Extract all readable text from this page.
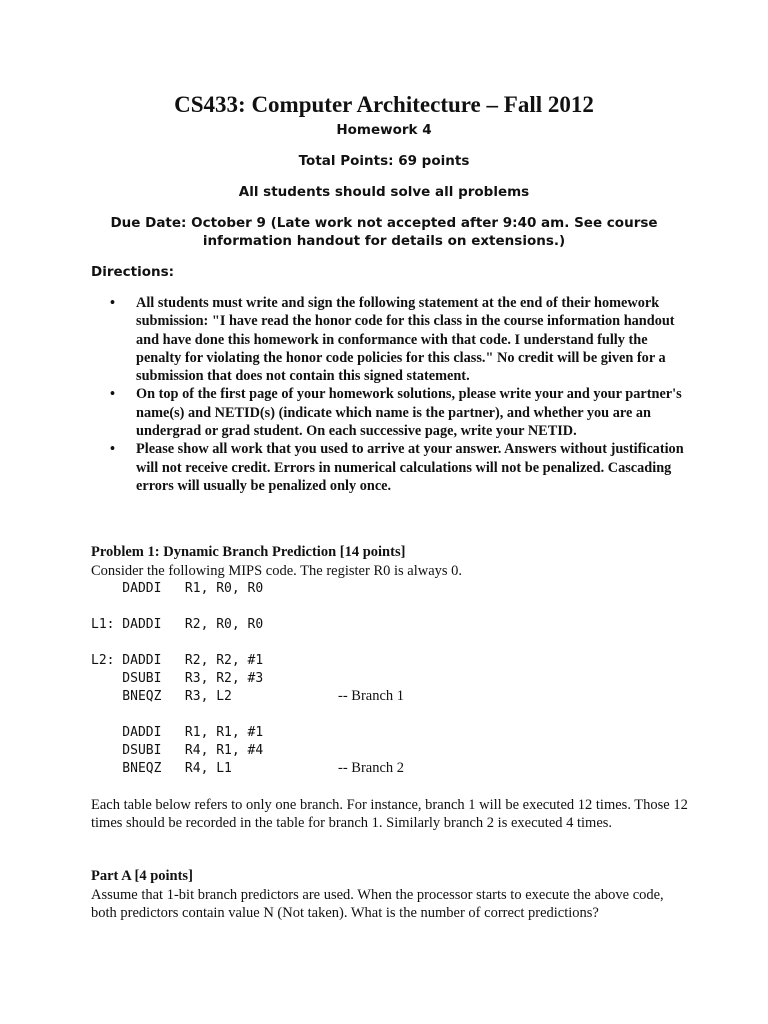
CS433: Computer Architecture – Fall 2012
Homework 4
Total Points: 69 points
All students should solve all problems
Due Date: October 9 (Late work not accepted after 9:40 am. See course information handout for details on extensions.)
Directions:
• All students must write and sign the following statement at the end of their homework submission: "I have read the honor code for this class in the course information handout and have done this homework in conformance with that code. I understand fully the penalty for violating the honor code policies for this class." No credit will be given for a submission that does not contain this signed statement.
• On top of the first page of your homework solutions, please write your and your partner's name(s) and NETID(s) (indicate which name is the partner), and whether you are an undergrad or grad student. On each successive page, write your NETID.
• Please show all work that you used to arrive at your answer. Answers without justification will not receive credit. Errors in numerical calculations will not be penalized. Cascading errors will usually be penalized only once.
Problem 1: Dynamic Branch Prediction [14 points]
Consider the following MIPS code. The register R0 is always 0.
DADDI   R1, R0, R0
L1: DADDI   R2, R0, R0
L2: DADDI   R2, R2, #1
DSUBI   R3, R2, #3
BNEQZ   R3, L2	-- Branch 1
DADDI   R1, R1, #1
DSUBI   R4, R1, #4
BNEQZ   R4, L1	-- Branch 2
Each table below refers to only one branch. For instance, branch 1 will be executed 12 times. Those 12 times should be recorded in the table for branch 1. Similarly branch 2 is executed 4 times.
Part A [4 points]
Assume that 1-bit branch predictors are used. When the processor starts to execute the above code, both predictors contain value N (Not taken). What is the number of correct predictions?
